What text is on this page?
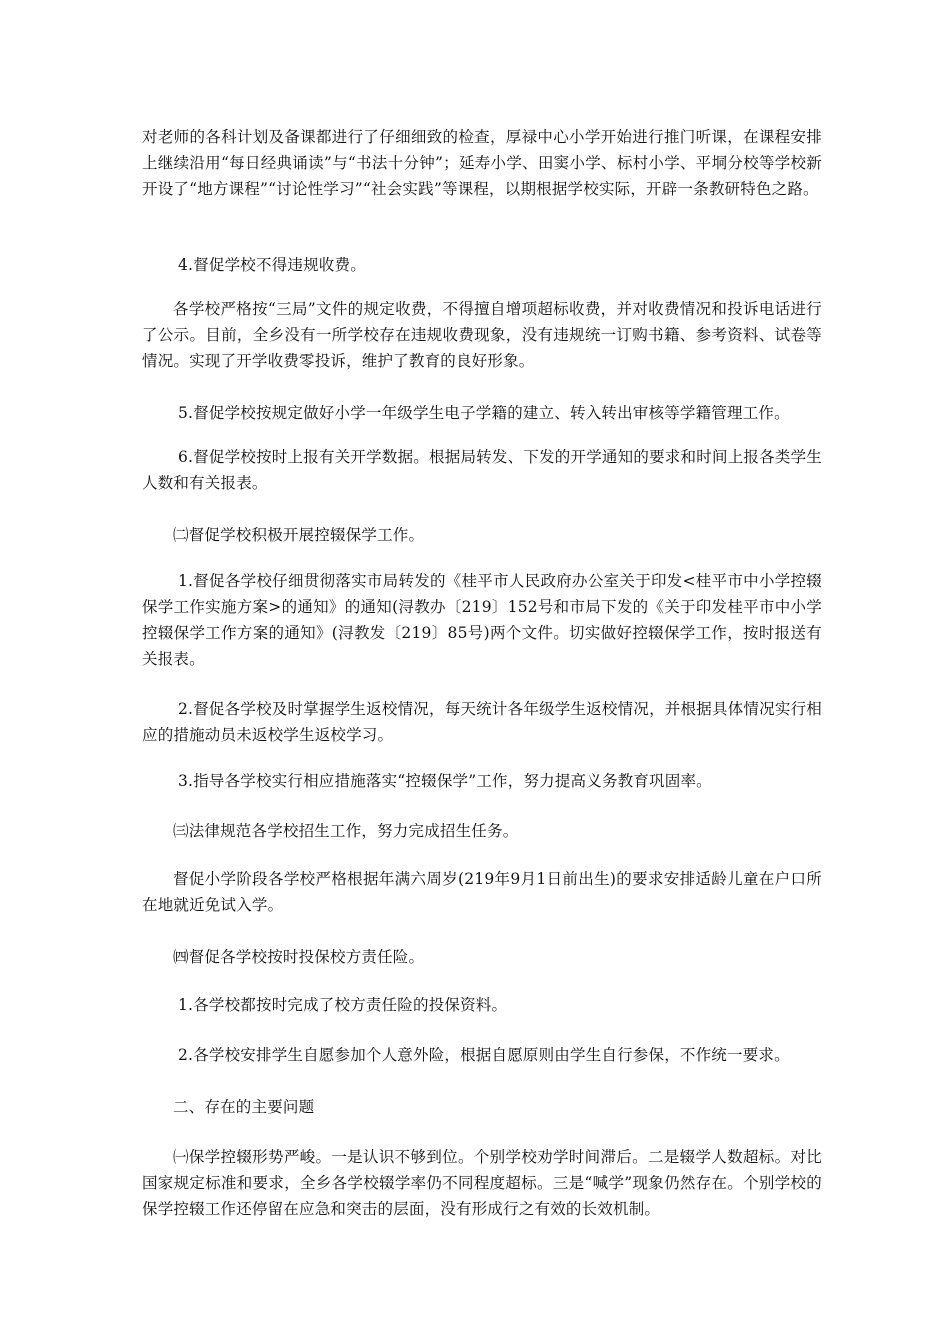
对老师的各科计划及备课都进行了仔细细致的检查，厚禄中心小学开始进行推门听课，在课程安排上继续沿用“每日经典诵读”与“书法十分钟”；延寿小学、田窦小学、标村小学、平垌分校等学校新开设了“地方课程”“讨论性学习”“社会实践”等课程，以期根据学校实际，开辟一条教研特色之路。

4.督促学校不得违规收费。

各学校严格按“三局”文件的规定收费，不得擅自增项超标收费，并对收费情况和投诉电话进行了公示。目前，全乡没有一所学校存在违规收费现象，没有违规统一订购书籍、参考资料、试卷等情况。实现了开学收费零投诉，维护了教育的良好形象。

5.督促学校按规定做好小学一年级学生电子学籍的建立、转入转出审核等学籍管理工作。

6.督促学校按时上报有关开学数据。根据局转发、下发的开学通知的要求和时间上报各类学生人数和有关报表。

㈡督促学校积极开展控辍保学工作。

1.督促各学校仔细贯彻落实市局转发的《桂平市人民政府办公室关于印发<桂平市中小学控辍保学工作实施方案>的通知》的通知(浔教办〔219〕152号和市局下发的《关于印发桂平市中小学控辍保学工作方案的通知》(浔教发〔219〕85号)两个文件。切实做好控辍保学工作，按时报送有关报表。

2.督促各学校及时掌握学生返校情况，每天统计各年级学生返校情况，并根据具体情况实行相应的措施动员未返校学生返校学习。

3.指导各学校实行相应措施落实“控辍保学”工作，努力提高义务教育巩固率。

㈢法律规范各学校招生工作，努力完成招生任务。

督促小学阶段各学校严格根据年满六周岁(219年9月1日前出生)的要求安排适龄儿童在户口所在地就近免试入学。

㈣督促各学校按时投保校方责任险。

1.各学校都按时完成了校方责任险的投保资料。

2.各学校安排学生自愿参加个人意外险，根据自愿原则由学生自行参保，不作统一要求。

二、存在的主要问题

㈠保学控辍形势严峻。一是认识不够到位。个别学校劝学时间滞后。二是辍学人数超标。对比国家规定标准和要求，全乡各学校辍学率仍不同程度超标。三是“喊学”现象仍然存在。个别学校的保学控辍工作还停留在应急和突击的层面，没有形成行之有效的长效机制。
